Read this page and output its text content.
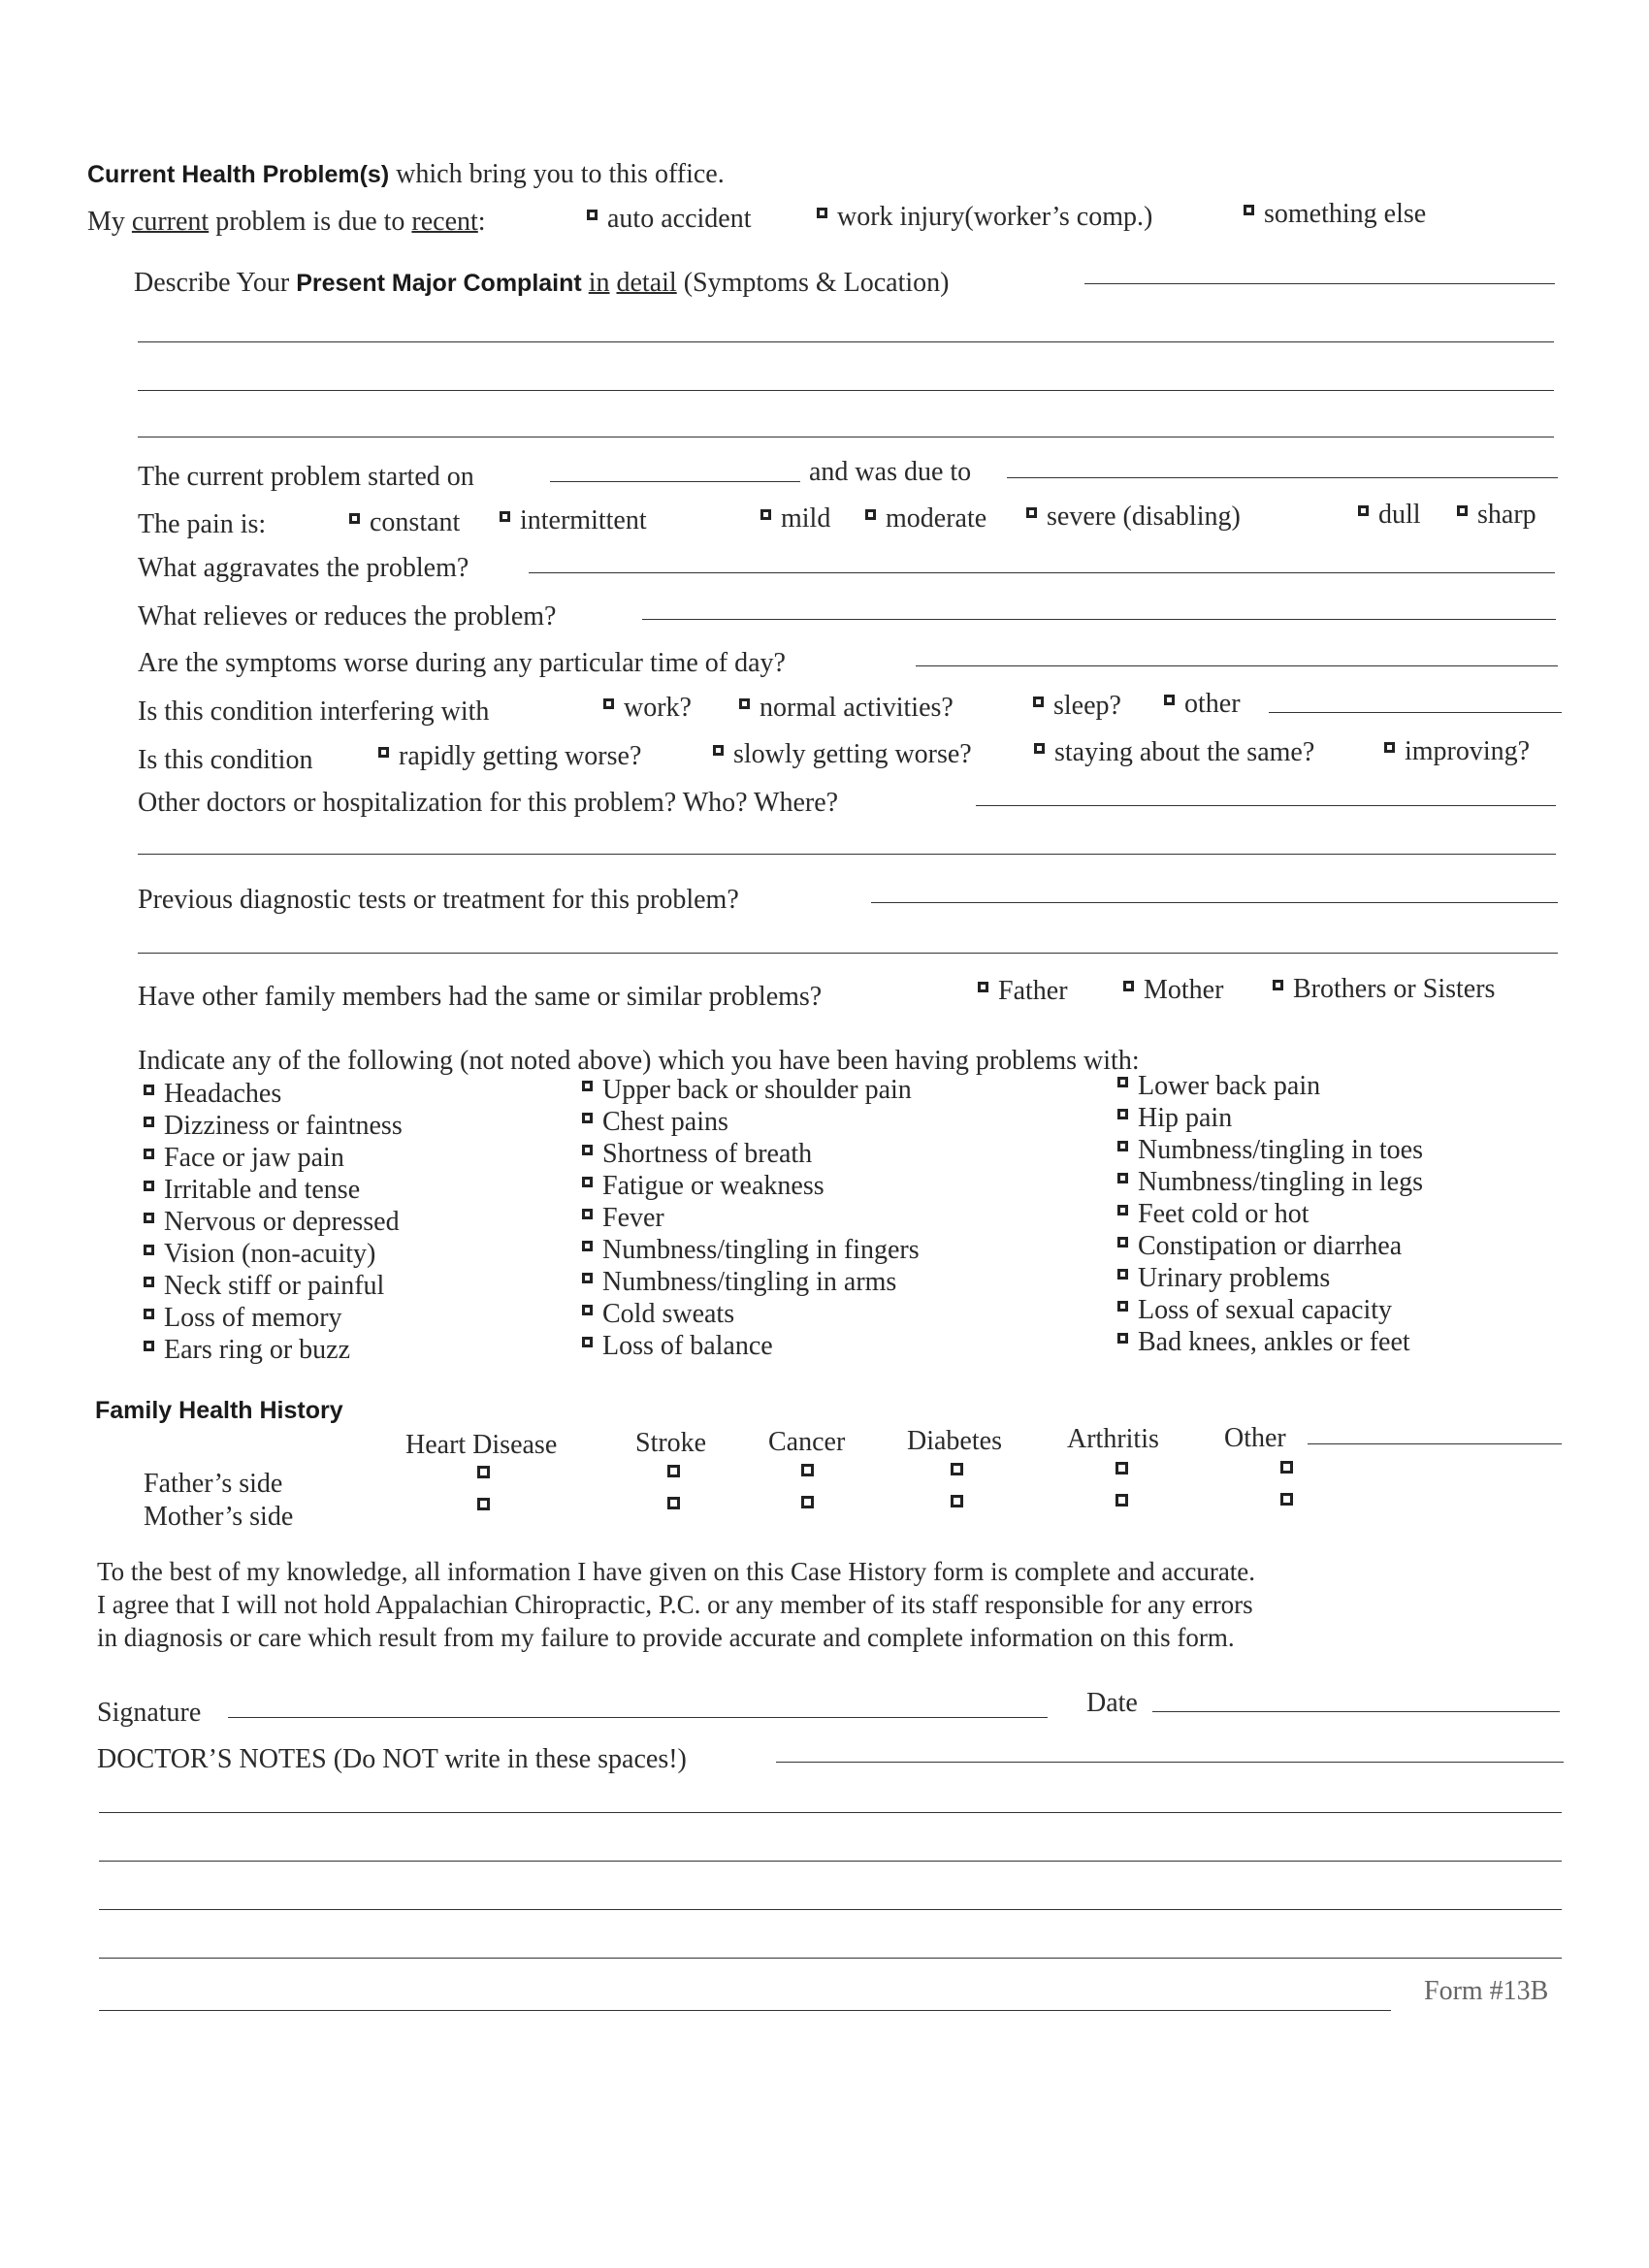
Current Health Problem(s) which bring you to this office.
My current problem is due to recent:	auto accident	work injury(worker’s comp.)	something else
Describe Your Present Major Complaint in detail (Symptoms & Location)
The current problem started on	and was due to
The pain is:	constant	intermittent	mild	moderate	severe (disabling)	dull	sharp
What aggravates the problem?
What relieves or reduces the problem?
Are the symptoms worse during any particular time of day?
Is this condition interfering with	work?	normal activities?	sleep?	other
Is this condition	rapidly getting worse?	slowly getting worse?	staying about the same?	improving?
Other doctors or hospitalization for this problem? Who? Where?
Previous diagnostic tests or treatment for this problem?
Have other family members had the same or similar problems?	Father	Mother	Brothers or Sisters
Indicate any of the following (not noted above) which you have been having problems with:
Headaches
Dizziness or faintness
Face or jaw pain
Irritable and tense
Nervous or depressed
Vision (non-acuity)
Neck stiff or painful
Loss of memory
Ears ring or buzz
Upper back or shoulder pain
Chest pains
Shortness of breath
Fatigue or weakness
Fever
Numbness/tingling in fingers
Numbness/tingling in arms
Cold sweats
Loss of balance
Lower back pain
Hip pain
Numbness/tingling in toes
Numbness/tingling in legs
Feet cold or hot
Constipation or diarrhea
Urinary problems
Loss of sexual capacity
Bad knees, ankles or feet
Family Health History
Heart Disease	Stroke Cancer Diabetes Arthritis Other
Father’s side
Mother’s side
To the best of my knowledge, all information I have given on this Case History form is complete and accurate.
I agree that I will not hold Appalachian Chiropractic, P.C. or any member of its staff responsible for any errors
in diagnosis or care which result from my failure to provide accurate and complete information on this form.
Signature	Date
DOCTOR’S NOTES (Do NOT write in these spaces!)
Form #13B
